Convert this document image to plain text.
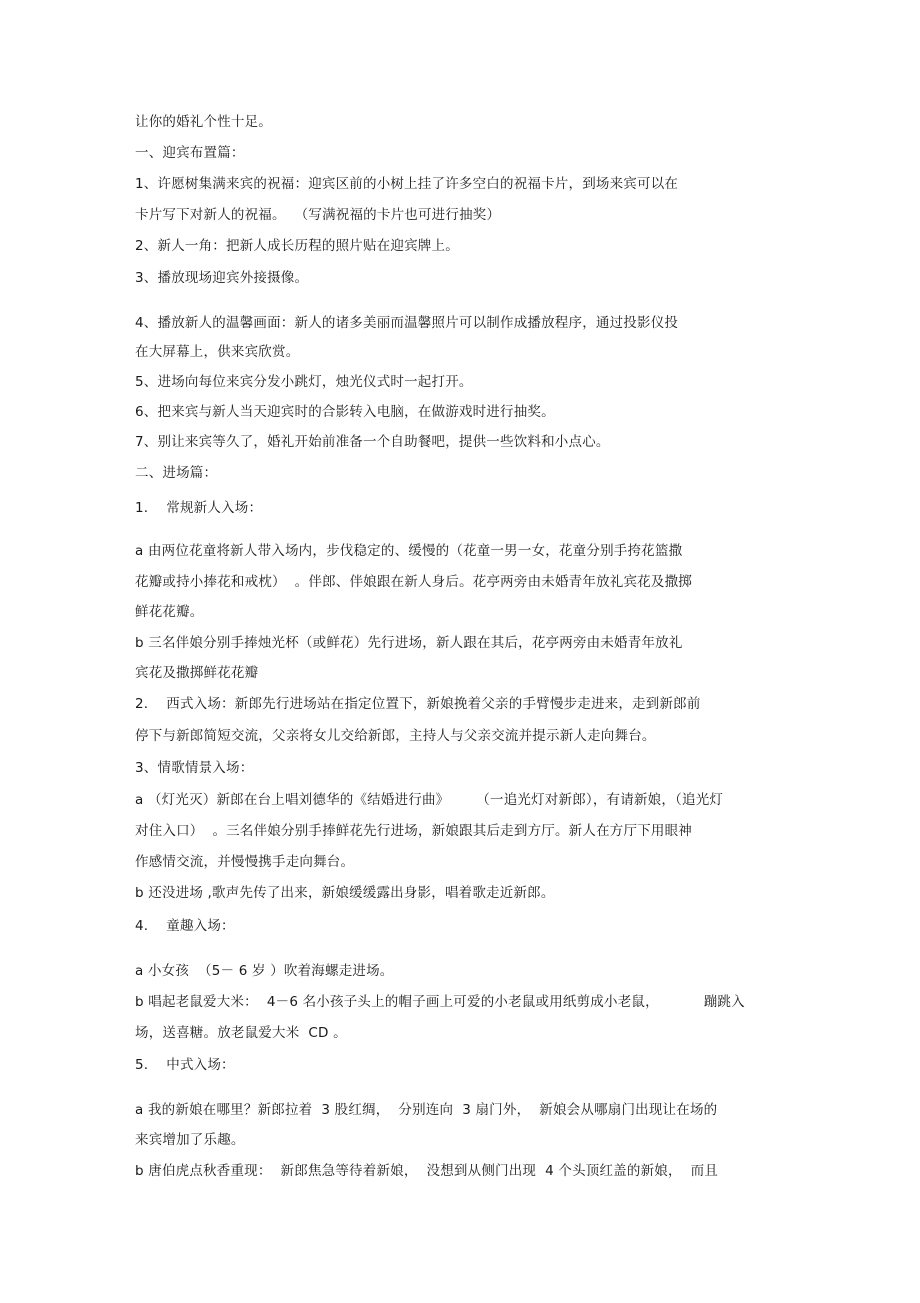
让你的婚礼个性十足。
一、迎宾布置篇：
1、许愿树集满来宾的祝福：迎宾区前的小树上挂了许多空白的祝福卡片，到场来宾可以在
卡片写下对新人的祝福。  （写满祝福的卡片也可进行抽奖）
2、新人一角：把新人成长历程的照片贴在迎宾牌上。
3、播放现场迎宾外接摄像。
4、播放新人的温馨画面：新人的诸多美丽而温馨照片可以制作成播放程序，通过投影仪投
在大屏幕上，供来宾欣赏。
5、进场向每位来宾分发小跳灯，烛光仪式时一起打开。
6、把来宾与新人当天迎宾时的合影转入电脑，在做游戏时进行抽奖。
7、别让来宾等久了，婚礼开始前准备一个自助餐吧，提供一些饮料和小点心。
二、进场篇：
1.    常规新人入场：
a 由两位花童将新人带入场内，步伐稳定的、缓慢的（花童一男一女，花童分别手挎花篮撒
花瓣或持小捧花和戒枕）  。伴郎、伴娘跟在新人身后。花亭两旁由未婚青年放礼宾花及撒掷
鲜花花瓣。
b 三名伴娘分别手捧烛光杯（或鲜花）先行进场，新人跟在其后，花亭两旁由未婚青年放礼
宾花及撒掷鲜花花瓣
2.    西式入场：新郎先行进场站在指定位置下，新娘挽着父亲的手臂慢步走进来，走到新郎前
停下与新郎简短交流，父亲将女儿交给新郎，主持人与父亲交流并提示新人走向舞台。
3、情歌情景入场：
a （灯光灭）新郎在台上唱刘德华的《结婚进行曲》      （一追光灯对新郎），有请新娘，（追光灯
对住入口）  。三名伴娘分别手捧鲜花先行进场，新娘跟其后走到方厅。新人在方厅下用眼神
作感情交流，并慢慢携手走向舞台。
b 还没进场 ,歌声先传了出来，新娘缓缓露出身影，唱着歌走近新郎。
4.    童趣入场：
a 小女孩  （5－ 6 岁 ）吹着海螺走进场。
b 唱起老鼠爱大米：  4－6 名小孩子头上的帽子画上可爱的小老鼠或用纸剪成小老鼠，          蹦跳入
场，送喜糖。放老鼠爱大米  CD 。
5.    中式入场：
a 我的新娘在哪里？新郎拉着  3 股红绸，  分别连向  3 扇门外，  新娘会从哪扇门出现让在场的
来宾增加了乐趣。
b 唐伯虎点秋香重现：  新郎焦急等待着新娘，  没想到从侧门出现  4 个头顶红盖的新娘，  而且
